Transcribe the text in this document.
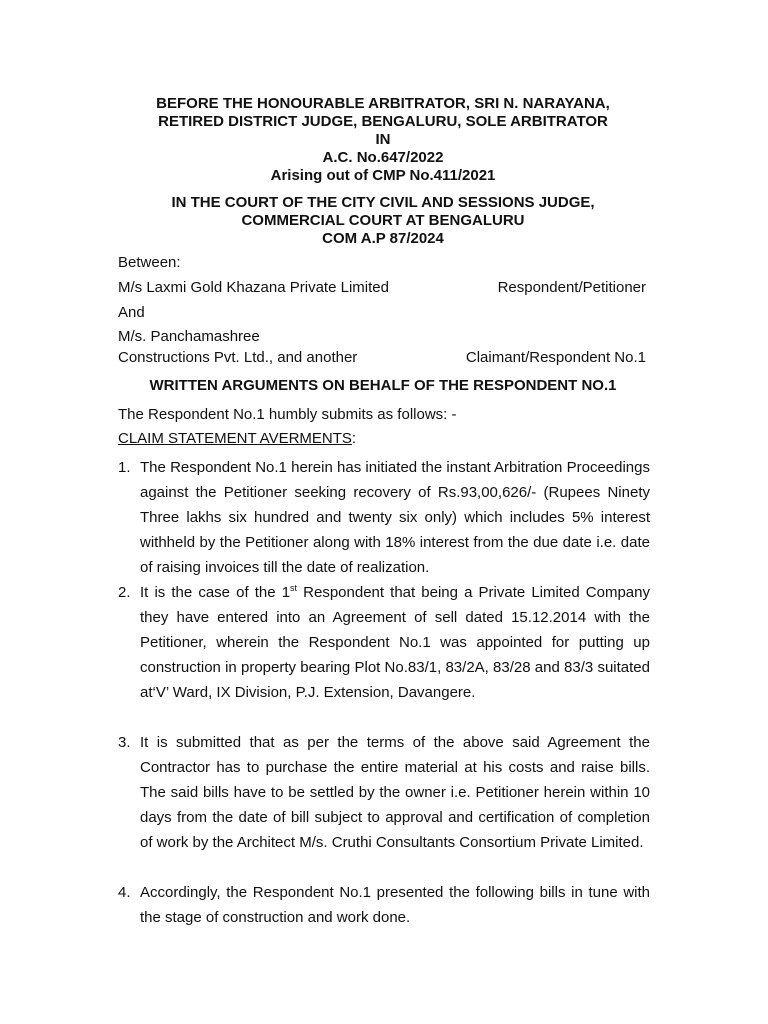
BEFORE THE HONOURABLE ARBITRATOR, SRI N. NARAYANA,
RETIRED DISTRICT JUDGE, BENGALURU, SOLE ARBITRATOR
IN
A.C. No.647/2022
Arising out of CMP No.411/2021
IN THE COURT OF THE CITY CIVIL AND SESSIONS JUDGE,
COMMERCIAL COURT AT BENGALURU
COM A.P 87/2024
Between:
M/s Laxmi Gold Khazana Private Limited	Respondent/Petitioner
And
M/s. Panchamashree
Constructions Pvt. Ltd., and another	Claimant/Respondent No.1
WRITTEN ARGUMENTS ON BEHALF OF THE RESPONDENT NO.1
The Respondent No.1 humbly submits as follows: -
CLAIM STATEMENT AVERMENTS:
1. The Respondent No.1 herein has initiated the instant Arbitration Proceedings against the Petitioner seeking recovery of Rs.93,00,626/- (Rupees Ninety Three lakhs six hundred and twenty six only) which includes 5% interest withheld by the Petitioner along with 18% interest from the due date i.e. date of raising invoices till the date of realization.
2. It is the case of the 1st Respondent that being a Private Limited Company they have entered into an Agreement of sell dated 15.12.2014 with the Petitioner, wherein the Respondent No.1 was appointed for putting up construction in property bearing Plot No.83/1, 83/2A, 83/28 and 83/3 suitated at‘V’ Ward, IX Division, P.J. Extension, Davangere.
3. It is submitted that as per the terms of the above said Agreement the Contractor has to purchase the entire material at his costs and raise bills. The said bills have to be settled by the owner i.e. Petitioner herein within 10 days from the date of bill subject to approval and certification of completion of work by the Architect M/s. Cruthi Consultants Consortium Private Limited.
4. Accordingly, the Respondent No.1 presented the following bills in tune with the stage of construction and work done.
